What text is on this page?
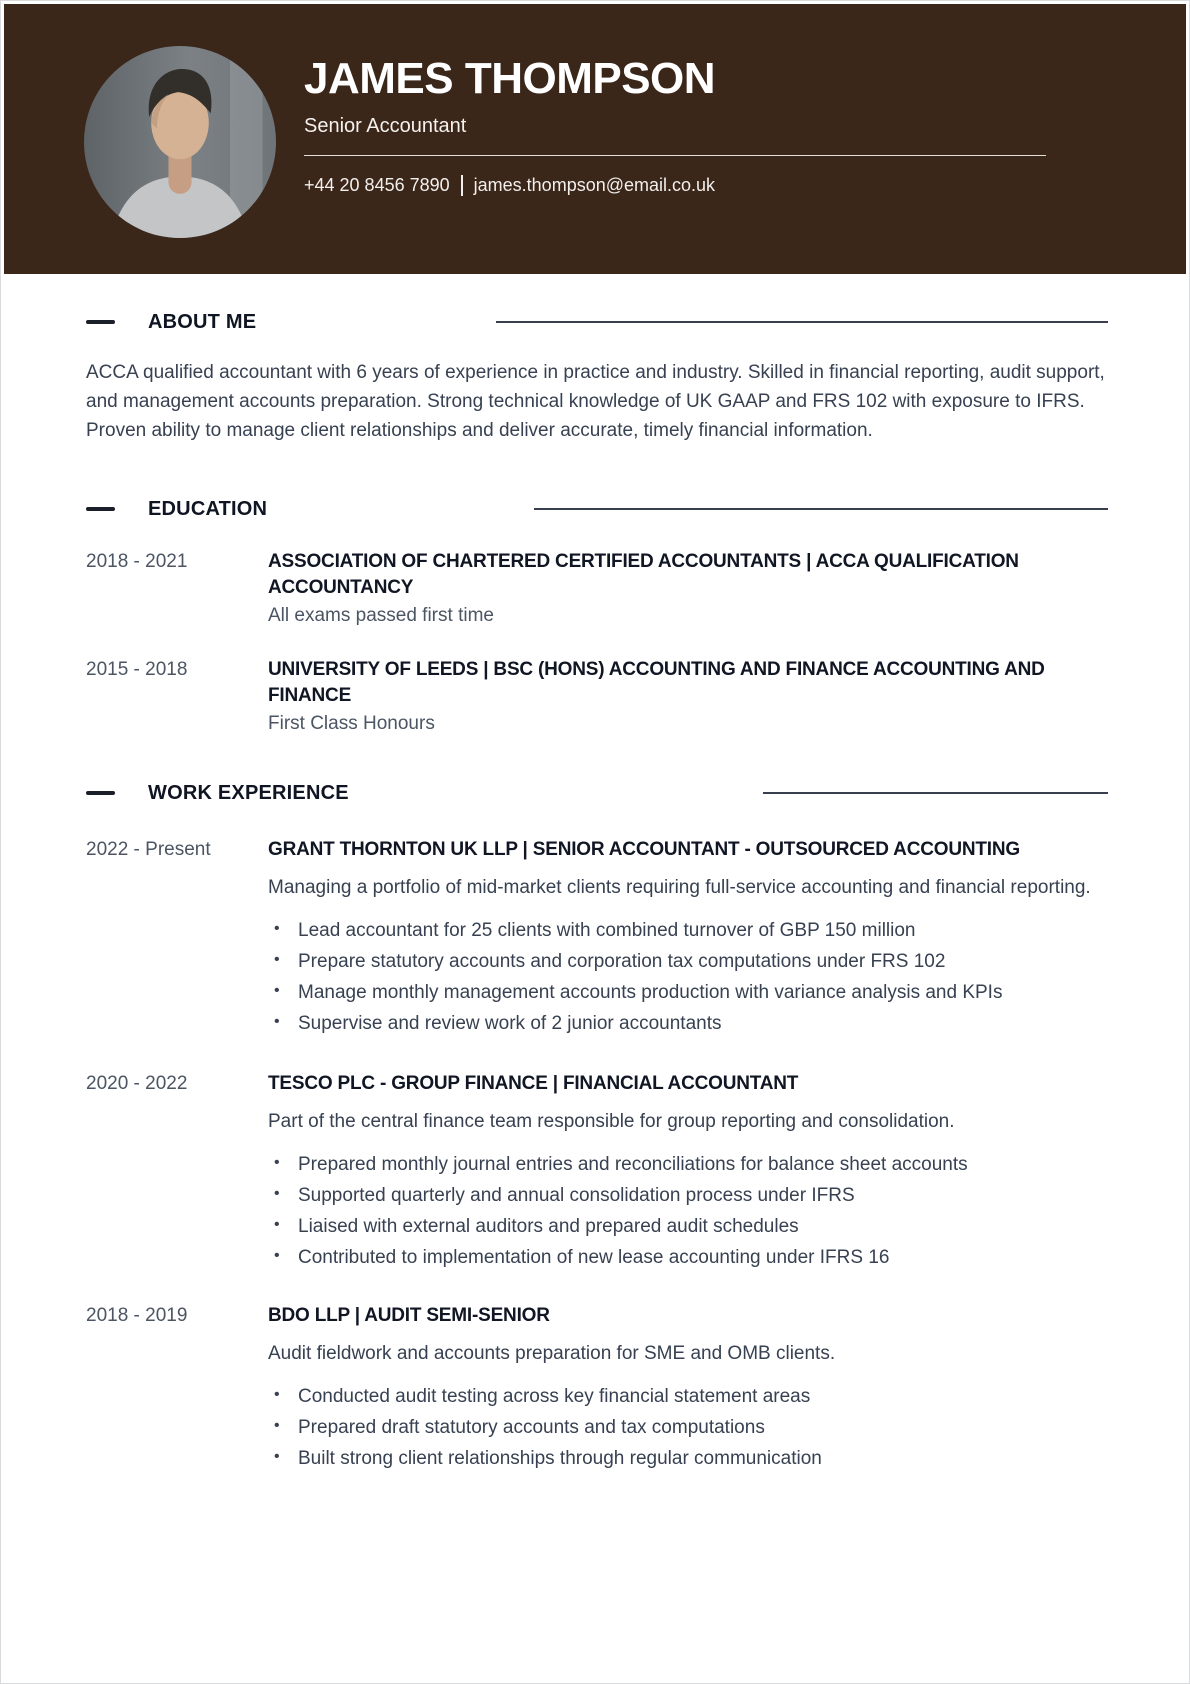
JAMES THOMPSON

Senior Accountant

+44 20 8456 7890 james.thompson@email.co.uk
ABOUT ME

ACCA qualified accountant with 6 years of experience in practice and industry. Skilled in financial reporting, audit support, and management accounts preparation. Strong technical knowledge of UK GAAP and FRS 102 with exposure to IFRS. Proven ability to manage client relationships and deliver accurate, timely financial information.

EDUCATION
2018 - 2021	ASSOCIATION OF CHARTERED CERTIFIED ACCOUNTANTS | ACCA QUALIFICATION ACCOUNTANCY

All exams passed first time

2015 - 2018	UNIVERSITY OF LEEDS | BSC (HONS) ACCOUNTING AND FINANCE ACCOUNTING AND FINANCE

First Class Honours

WORK EXPERIENCE
2022 - Present	GRANT THORNTON UK LLP | SENIOR ACCOUNTANT - OUTSOURCED ACCOUNTING

Managing a portfolio of mid-market clients requiring full-service accounting and financial reporting.

• Lead accountant for 25 clients with combined turnover of GBP 150 million
• Prepare statutory accounts and corporation tax computations under FRS 102
• Manage monthly management accounts production with variance analysis and KPIs
• Supervise and review work of 2 junior accountants
2020 - 2022	TESCO PLC - GROUP FINANCE | FINANCIAL ACCOUNTANT

Part of the central finance team responsible for group reporting and consolidation.

• Prepared monthly journal entries and reconciliations for balance sheet accounts
• Supported quarterly and annual consolidation process under IFRS
• Liaised with external auditors and prepared audit schedules
• Contributed to implementation of new lease accounting under IFRS 16
2018 - 2019	BDO LLP | AUDIT SEMI-SENIOR

Audit fieldwork and accounts preparation for SME and OMB clients.

• Conducted audit testing across key financial statement areas
• Prepared draft statutory accounts and tax computations
• Built strong client relationships through regular communication
